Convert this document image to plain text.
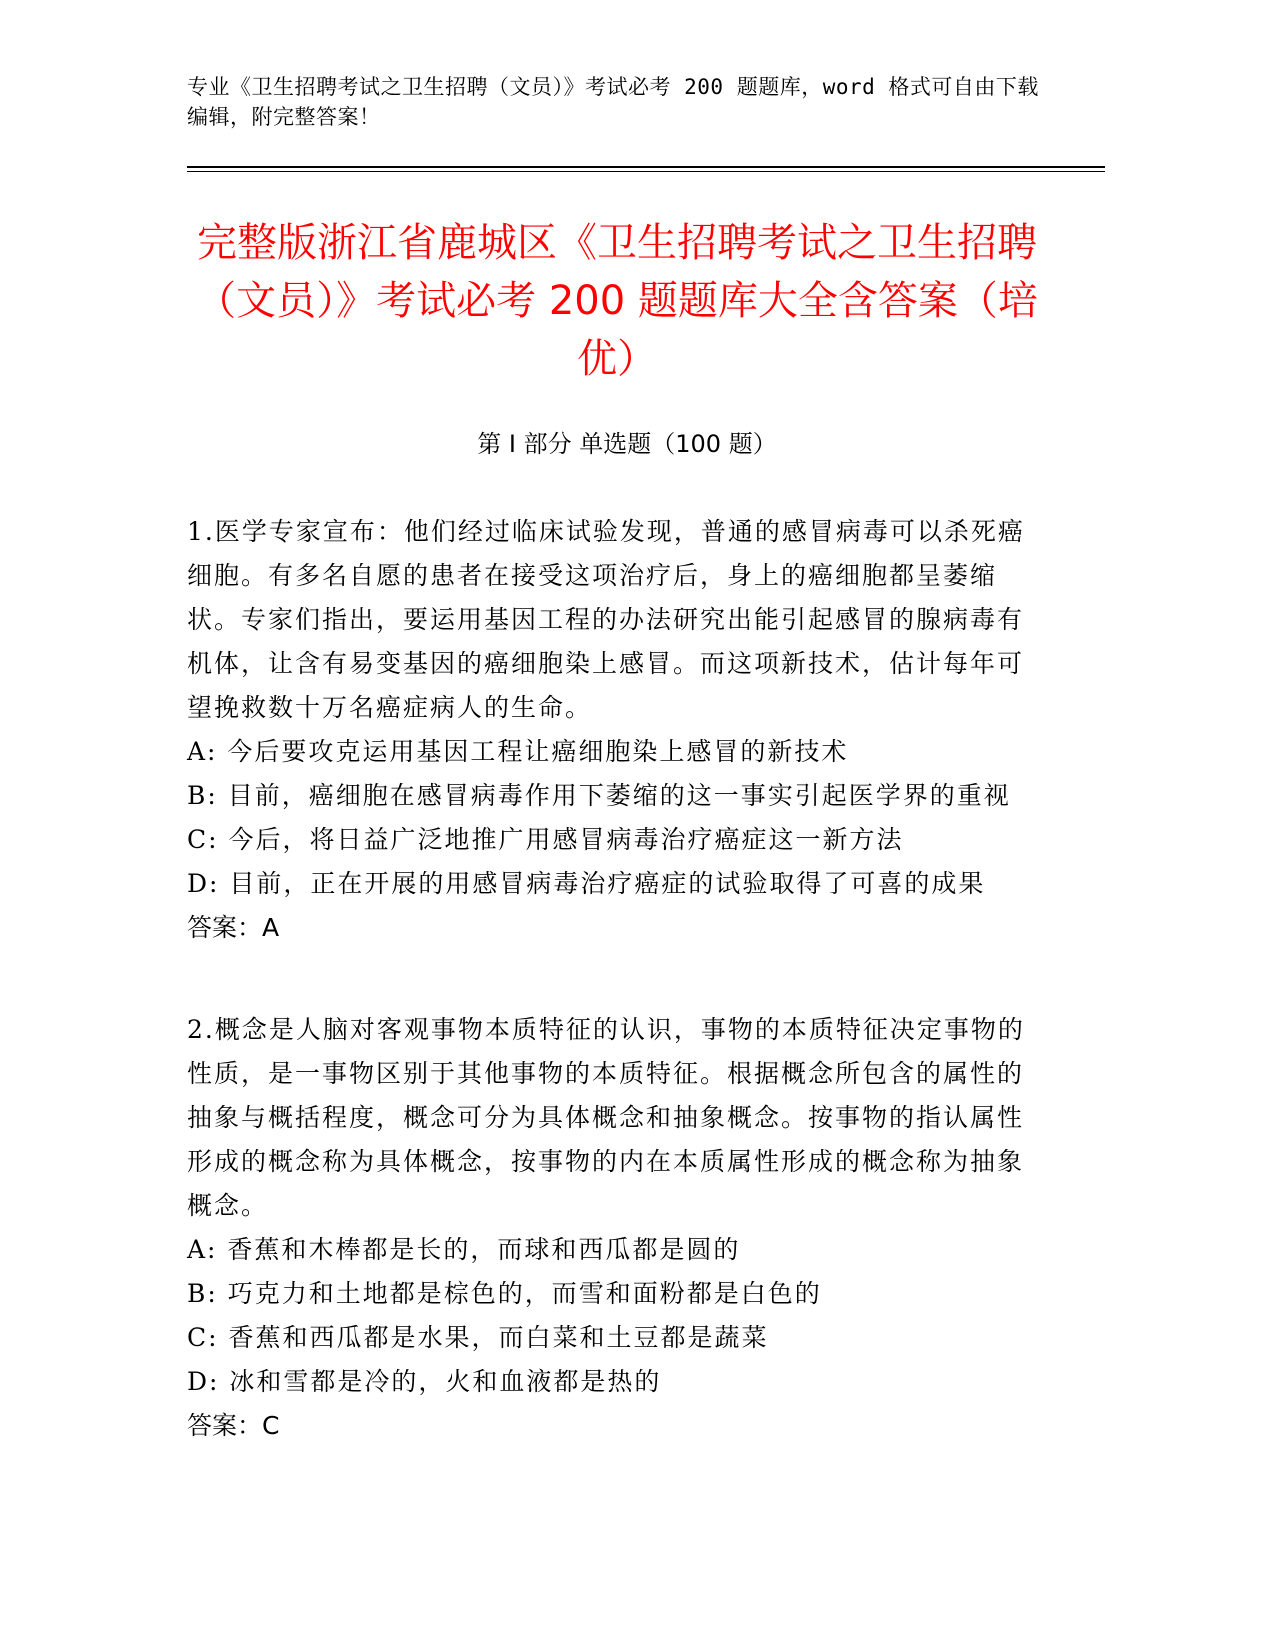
专业《卫生招聘考试之卫生招聘（文员）》考试必考 200 题题库，word 格式可自由下载编辑，附完整答案！

完整版浙江省鹿城区《卫生招聘考试之卫生招聘（文员）》考试必考 200 题题库大全含答案（培优）
第 I 部分 单选题（100 题）

1.医学专家宣布：他们经过临床试验发现，普通的感冒病毒可以杀死癌细胞。有多名自愿的患者在接受这项治疗后，身上的癌细胞都呈萎缩状。专家们指出，要运用基因工程的办法研究出能引起感冒的腺病毒有机体，让含有易变基因的癌细胞染上感冒。而这项新技术，估计每年可望挽救数十万名癌症病人的生命。

A: 今后要攻克运用基因工程让癌细胞染上感冒的新技术

B: 目前，癌细胞在感冒病毒作用下萎缩的这一事实引起医学界的重视

C: 今后，将日益广泛地推广用感冒病毒治疗癌症这一新方法

D: 目前，正在开展的用感冒病毒治疗癌症的试验取得了可喜的成果

答案：A

2.概念是人脑对客观事物本质特征的认识，事物的本质特征决定事物的性质，是一事物区别于其他事物的本质特征。根据概念所包含的属性的抽象与概括程度，概念可分为具体概念和抽象概念。按事物的指认属性形成的概念称为具体概念，按事物的内在本质属性形成的概念称为抽象概念。

A: 香蕉和木棒都是长的，而球和西瓜都是圆的

B: 巧克力和土地都是棕色的，而雪和面粉都是白色的

C: 香蕉和西瓜都是水果，而白菜和土豆都是蔬菜

D: 冰和雪都是冷的，火和血液都是热的

答案：C
